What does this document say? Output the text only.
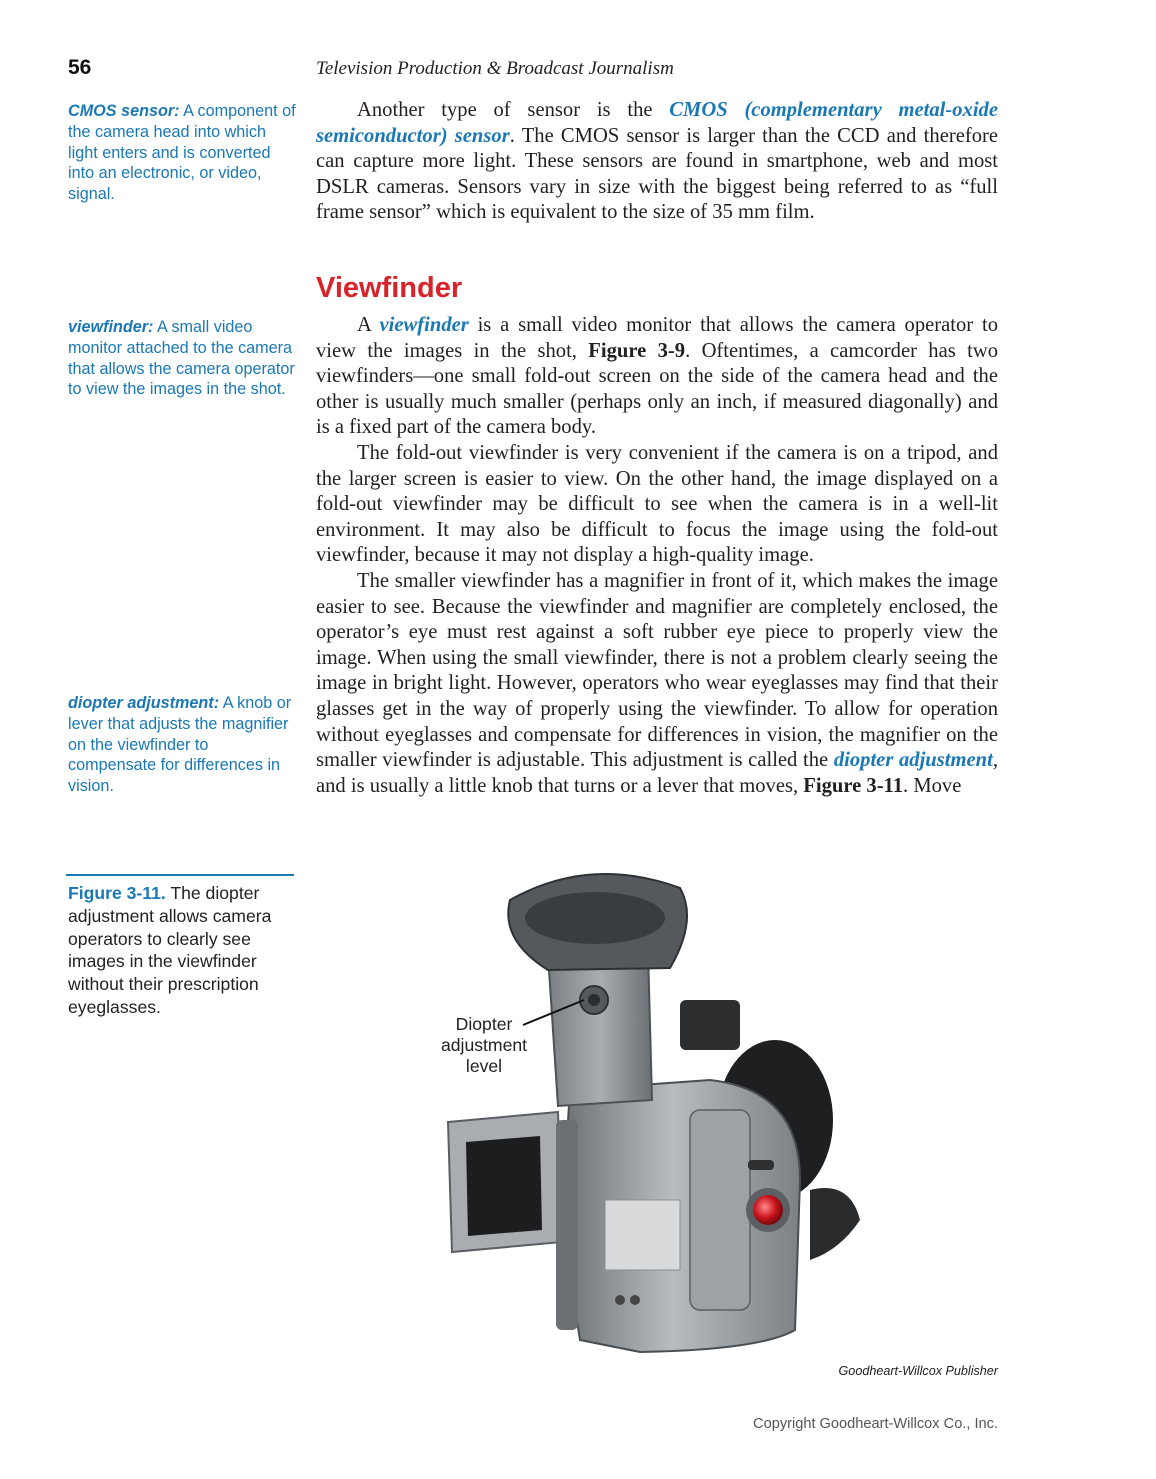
56	Television Production & Broadcast Journalism
CMOS sensor: A component of the camera head into which light enters and is converted into an electronic, or video, signal.
viewfinder: A small video monitor attached to the camera that allows the camera operator to view the images in the shot.
diopter adjustment: A knob or lever that adjusts the magnifier on the viewfinder to compensate for differences in vision.

Another type of sensor is the CMOS (complementary metal-oxide semiconductor) sensor. The CMOS sensor is larger than the CCD and therefore can capture more light. These sensors are found in smartphone, web and most DSLR cameras. Sensors vary in size with the biggest being referred to as “full frame sensor” which is equivalent to the size of 35 mm film.

Viewfinder

A viewfinder is a small video monitor that allows the camera operator to view the images in the shot, Figure 3-9. Oftentimes, a camcorder has two viewfinders—one small fold-out screen on the side of the camera head and the other is usually much smaller (perhaps only an inch, if measured diagonally) and is a fixed part of the camera body.

The fold-out viewfinder is very convenient if the camera is on a tripod, and the larger screen is easier to view. On the other hand, the image displayed on a fold-out viewfinder may be difficult to see when the camera is in a well-lit environment. It may also be difficult to focus the image using the fold-out viewfinder, because it may not display a high-quality image.

The smaller viewfinder has a magnifier in front of it, which makes the image easier to see. Because the viewfinder and magnifier are completely enclosed, the operator’s eye must rest against a soft rubber eye piece to properly view the image. When using the small viewfinder, there is not a problem clearly seeing the image in bright light. However, operators who wear eyeglasses may find that their glasses get in the way of properly using the viewfinder. To allow for operation without eyeglasses and compensate for differences in vision, the magnifier on the smaller viewfinder is adjustable. This adjustment is called the diopter adjustment, and is usually a little knob that turns or a lever that moves, Figure 3-11. Move

Figure 3-11. The diopter adjustment allows camera operators to clearly see images in the viewfinder without their prescription eyeglasses.
Diopter
adjustment
level
Goodheart-Willcox Publisher
Copyright Goodheart-Willcox Co., Inc.
